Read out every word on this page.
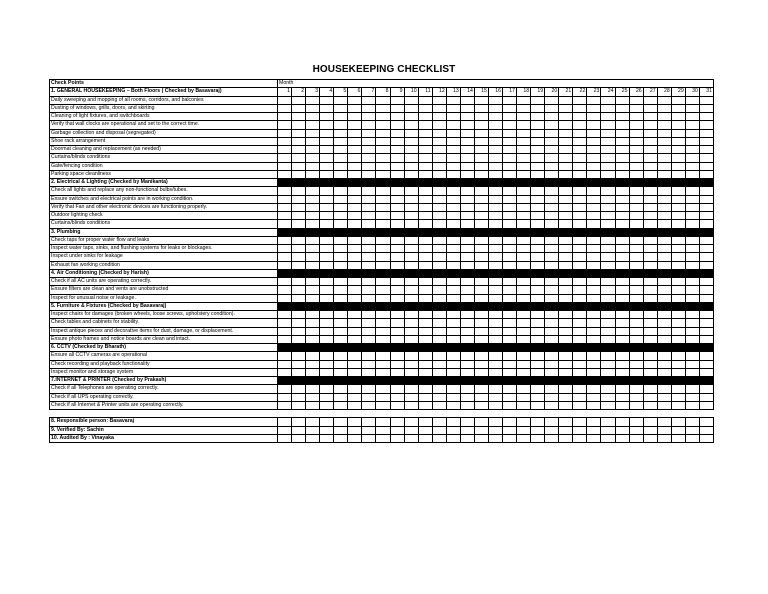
HOUSEKEEPING CHECKLIST
Check Points	Month																														
1. GENERAL HOUSEKEEPING – Both Floors ( Checked by Basavaraj)	1	2	3	4	5	6	7	8	9	10	11	12	13	14	15	16	17	18	19	20	21	22	23	24	25	26	27	28	29	30	31
Daily sweeping and mopping of all rooms, corridors, and balconies																															
Dusting of windows, grills, doors, and skirting																															
Cleaning of light fixtures, and switchboards																															
Verify that wall clocks are operational and set to the correct time.																															
Garbage collection and disposal (segregated)																															
Shoe rack arrangement																															
Doormat cleaning and replacement (as needed)																															
Curtains/blinds conditions																															
Gate/fencing condition																															
Parking space cleanliness																															
2. Electrical & Lighting (Checked by Manikanta)																															
Check all lights and replace any non-functional bulbs/tubes.																															
Ensure switches and electrical points are in working condition.																															
Verify that Fan and other electronic devices are functioning properly.																															
Outdoor lighting check																															
Curtains/blinds conditions																															
3. Plumbing																															
Check taps for proper water flow and leaks																															
Inspect water taps, sinks, and flushing systems for leaks or blockages.																															
Inspect under sinks for leakage																															
Exhaust fan working condition																															
4. Air Conditioning (Checked by Harish)																															
Check if all AC units are operating correctly.																															
Ensure filters are clean and vents are unobstructed																															
Inspect for unusual noise or leakage.																															
5. Furniture & Fixtures (Checked by Basavaraj)																															
Inspect chairs for damages (broken wheels, loose screws, upholstery condition).																															
Check tables and cabinets for stability.																															
Inspect antique pieces and decorative items for dust, damage, or displacement.																															
Ensure photo frames and notice boards are clean and intact.																															
6. CCTV (Checked by Bharath)																															
Ensure all CCTV cameras are operational																															
Check recording and playback functionality																															
Inspect monitor and storage system																															
7.INTERNET & PRINTER (Checked by Prakash)																															
Check if all Telephones are operating correctly.																															
Check if all UPS operating correctly.																															
Check if all Internet & Printer units are operating correctly.																															

8. Responsible person: Basavaraj																															
9. Verified By: Sachin																															
10. Audited By : Vinayaka																															
